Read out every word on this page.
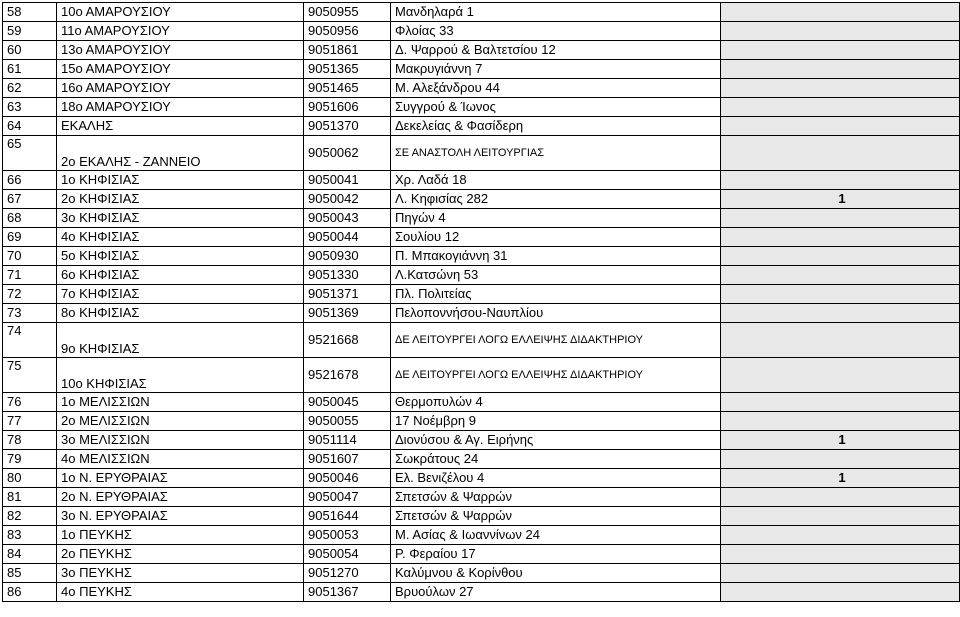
58	10ο ΑΜΑΡΟΥΣΙΟΥ	9050955	Μανδηλαρά 1	
59	11ο ΑΜΑΡΟΥΣΙΟΥ	9050956	Φλοίας 33	
60	13ο ΑΜΑΡΟΥΣΙΟΥ	9051861	Δ. Ψαρρού & Βαλτετσίου 12	
61	15ο ΑΜΑΡΟΥΣΙΟΥ	9051365	Μακρυγιάννη 7	
62	16ο ΑΜΑΡΟΥΣΙΟΥ	9051465	Μ. Αλεξάνδρου 44	
63	18ο ΑΜΑΡΟΥΣΙΟΥ	9051606	Συγγρού & Ίωνος	
64	ΕΚΑΛΗΣ	9051370	Δεκελείας & Φασίδερη	
65	2ο ΕΚΑΛΗΣ - ΖΑΝΝΕΙΟ	9050062	ΣΕ ΑΝΑΣΤΟΛΗ ΛΕΙΤΟΥΡΓΙΑΣ	
66	1ο ΚΗΦΙΣΙΑΣ	9050041	Χρ. Λαδά 18	
67	2ο ΚΗΦΙΣΙΑΣ	9050042	Λ. Κηφισίας 282	1
68	3ο ΚΗΦΙΣΙΑΣ	9050043	Πηγών 4	
69	4ο ΚΗΦΙΣΙΑΣ	9050044	Σουλίου 12	
70	5ο ΚΗΦΙΣΙΑΣ	9050930	Π. Μπακογιάννη 31	
71	6ο ΚΗΦΙΣΙΑΣ	9051330	Λ.Κατσώνη 53	
72	7ο ΚΗΦΙΣΙΑΣ	9051371	Πλ. Πολιτείας	
73	8ο ΚΗΦΙΣΙΑΣ	9051369	Πελοποννήσου-Ναυπλίου	
74	9ο ΚΗΦΙΣΙΑΣ	9521668	ΔΕ ΛΕΙΤΟΥΡΓΕΙ ΛΟΓΩ ΕΛΛΕΙΨΗΣ ΔΙΔΑΚΤΗΡΙΟΥ	
75	10ο ΚΗΦΙΣΙΑΣ	9521678	ΔΕ ΛΕΙΤΟΥΡΓΕΙ ΛΟΓΩ ΕΛΛΕΙΨΗΣ ΔΙΔΑΚΤΗΡΙΟΥ	
76	1ο ΜΕΛΙΣΣΙΩΝ	9050045	Θερμοπυλών 4	
77	2ο ΜΕΛΙΣΣΙΩΝ	9050055	17 Νοέμβρη 9	
78	3ο ΜΕΛΙΣΣΙΩΝ	9051114	Διονύσου & Αγ. Ειρήνης	1
79	4ο ΜΕΛΙΣΣΙΩΝ	9051607	Σωκράτους 24	
80	1ο Ν. ΕΡΥΘΡΑΙΑΣ	9050046	Ελ. Βενιζέλου 4	1
81	2ο Ν. ΕΡΥΘΡΑΙΑΣ	9050047	Σπετσών & Ψαρρών	
82	3ο Ν. ΕΡΥΘΡΑΙΑΣ	9051644	Σπετσών & Ψαρρών	
83	1ο ΠΕΥΚΗΣ	9050053	Μ. Ασίας & Ιωαννίνων 24	
84	2ο ΠΕΥΚΗΣ	9050054	Ρ. Φεραίου 17	
85	3ο ΠΕΥΚΗΣ	9051270	Καλύμνου & Κορίνθου	
86	4ο ΠΕΥΚΗΣ	9051367	Βρυούλων 27	
